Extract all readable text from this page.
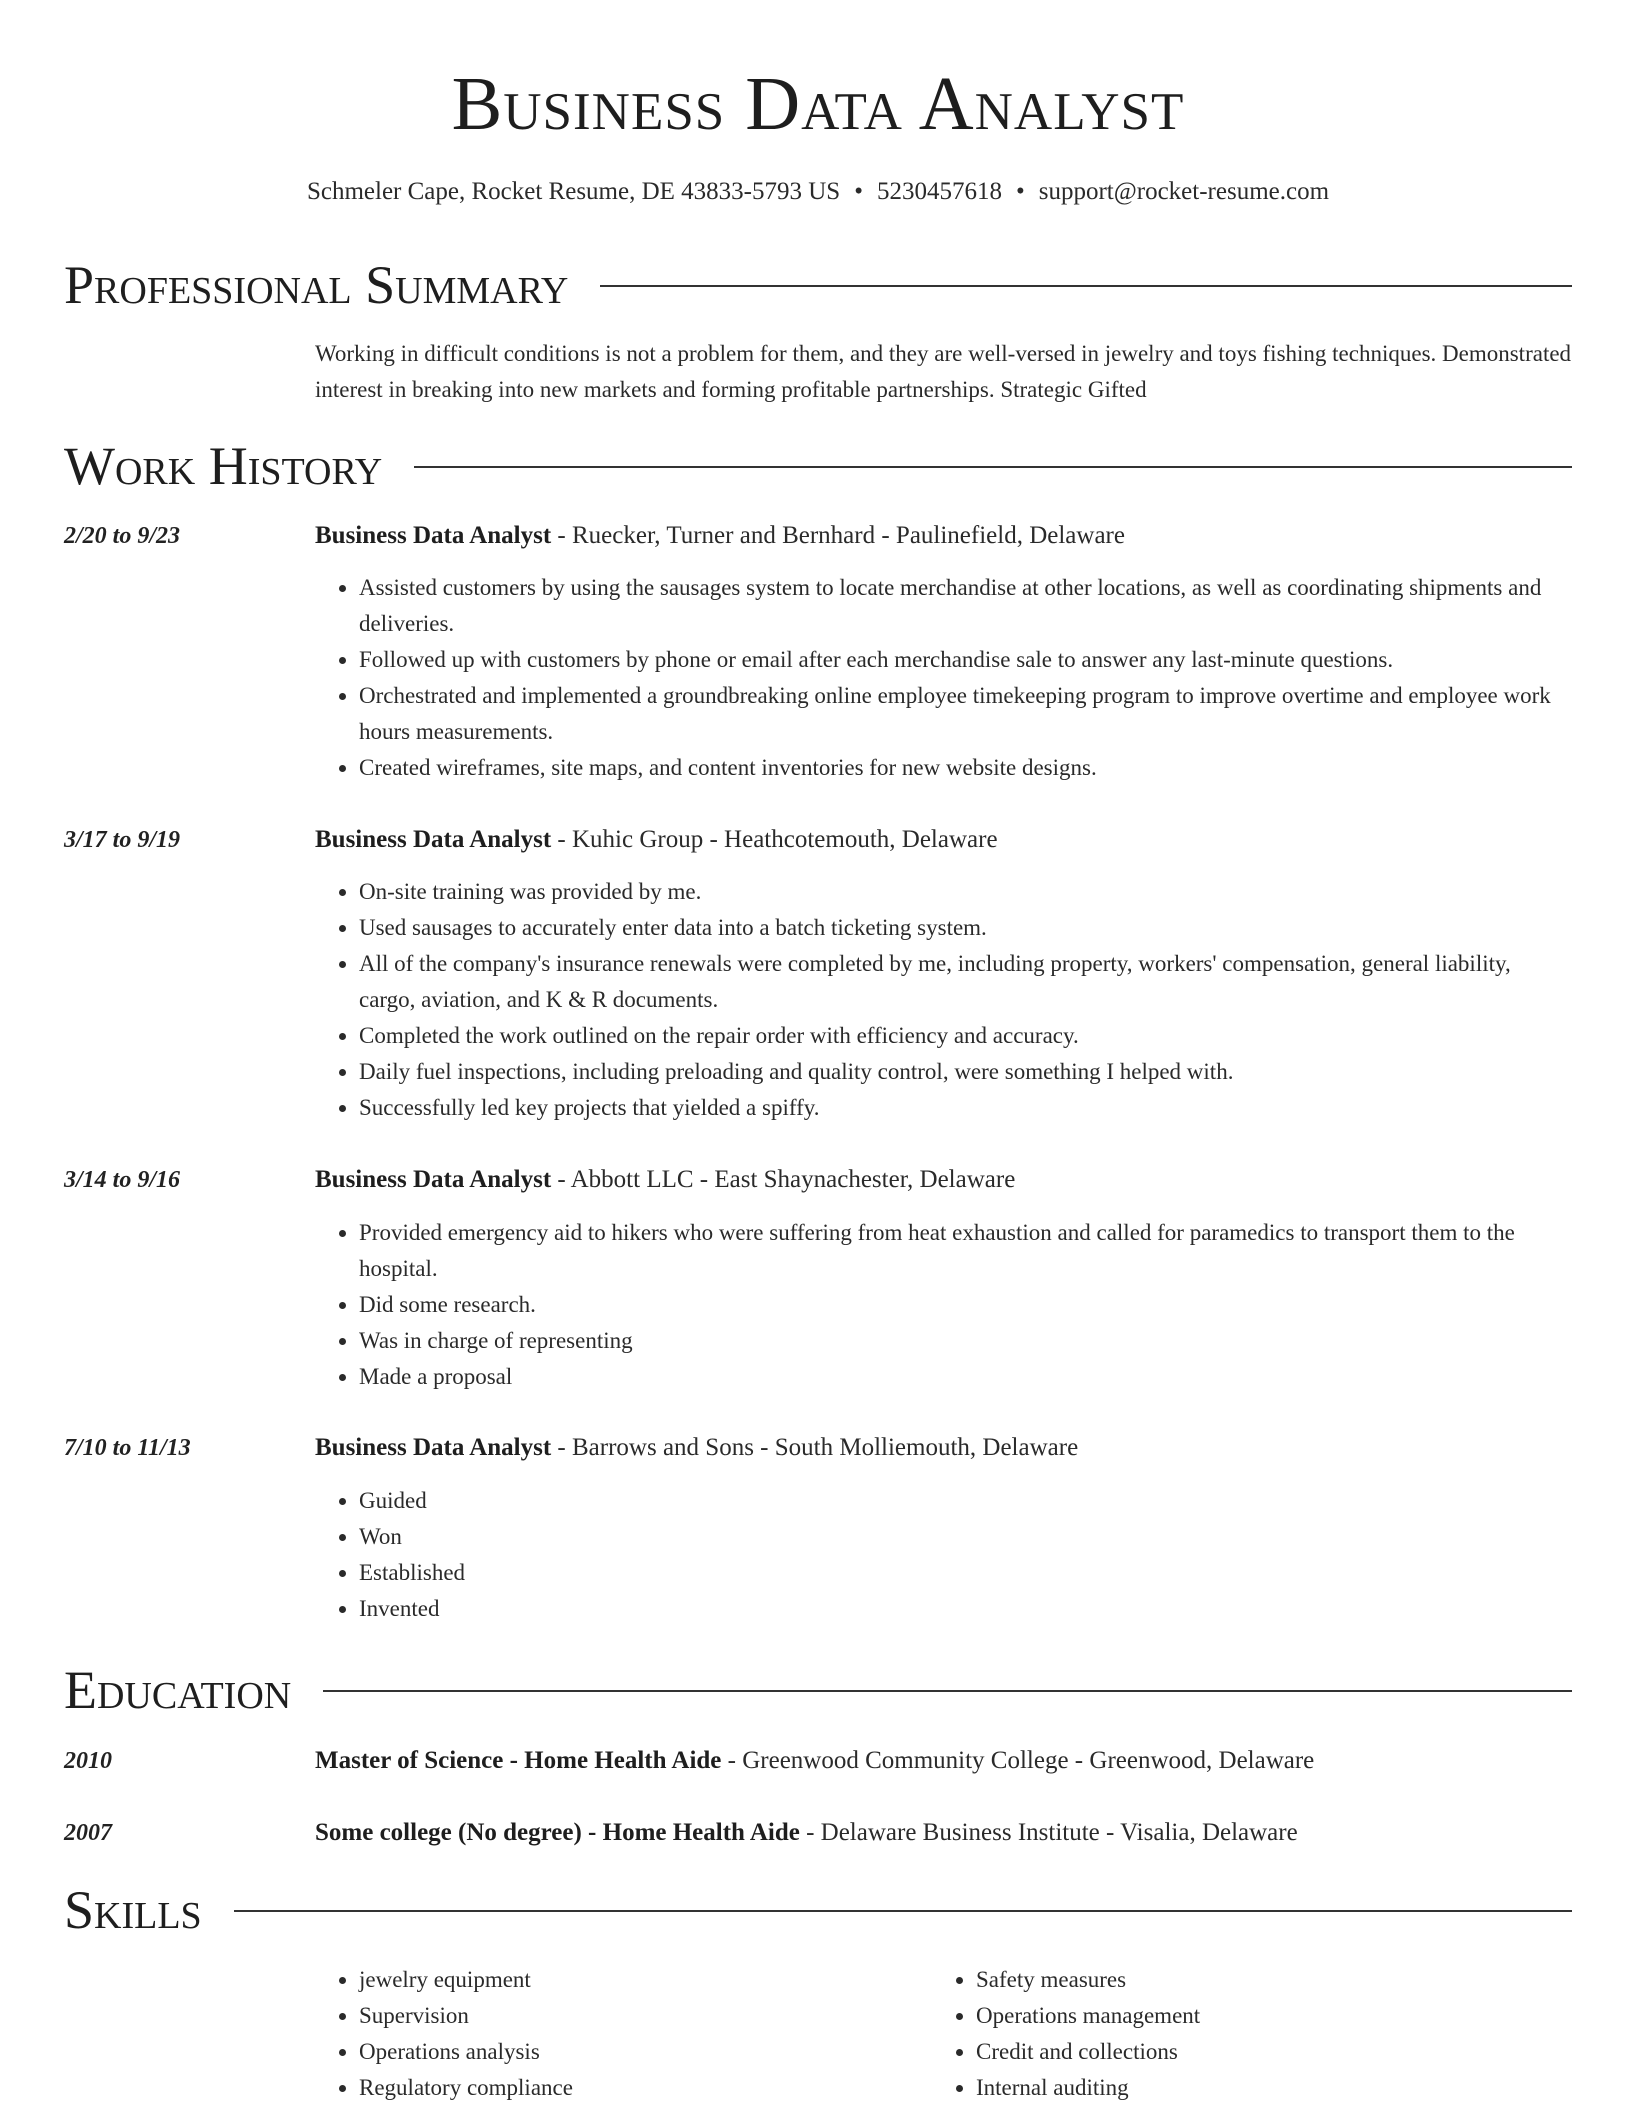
Business Data Analyst
Schmeler Cape, Rocket Resume, DE 43833-5793 US • 5230457618 • support@rocket-resume.com
Professional Summary
Working in difficult conditions is not a problem for them, and they are well-versed in jewelry and toys fishing techniques. Demonstrated interest in breaking into new markets and forming profitable partnerships. Strategic Gifted
Work History
2/20 to 9/23	Business Data Analyst - Ruecker, Turner and Bernhard - Paulinefield, Delaware
• Assisted customers by using the sausages system to locate merchandise at other locations, as well as coordinating shipments and deliveries.
• Followed up with customers by phone or email after each merchandise sale to answer any last-minute questions.
• Orchestrated and implemented a groundbreaking online employee timekeeping program to improve overtime and employee work hours measurements.
• Created wireframes, site maps, and content inventories for new website designs.
3/17 to 9/19	Business Data Analyst - Kuhic Group - Heathcotemouth, Delaware
• On-site training was provided by me.
• Used sausages to accurately enter data into a batch ticketing system.
• All of the company's insurance renewals were completed by me, including property, workers' compensation, general liability, cargo, aviation, and K & R documents.
• Completed the work outlined on the repair order with efficiency and accuracy.
• Daily fuel inspections, including preloading and quality control, were something I helped with.
• Successfully led key projects that yielded a spiffy.
3/14 to 9/16	Business Data Analyst - Abbott LLC - East Shaynachester, Delaware
• Provided emergency aid to hikers who were suffering from heat exhaustion and called for paramedics to transport them to the hospital.
• Did some research.
• Was in charge of representing
• Made a proposal
7/10 to 11/13	Business Data Analyst - Barrows and Sons - South Molliemouth, Delaware
• Guided
• Won
• Established
• Invented
Education
2010	Master of Science - Home Health Aide - Greenwood Community College - Greenwood, Delaware
2007	Some college (No degree) - Home Health Aide - Delaware Business Institute - Visalia, Delaware
Skills
• jewelry equipment
• Supervision
• Operations analysis
• Regulatory compliance
• Safety measures
• Operations management
• Credit and collections
• Internal auditing
